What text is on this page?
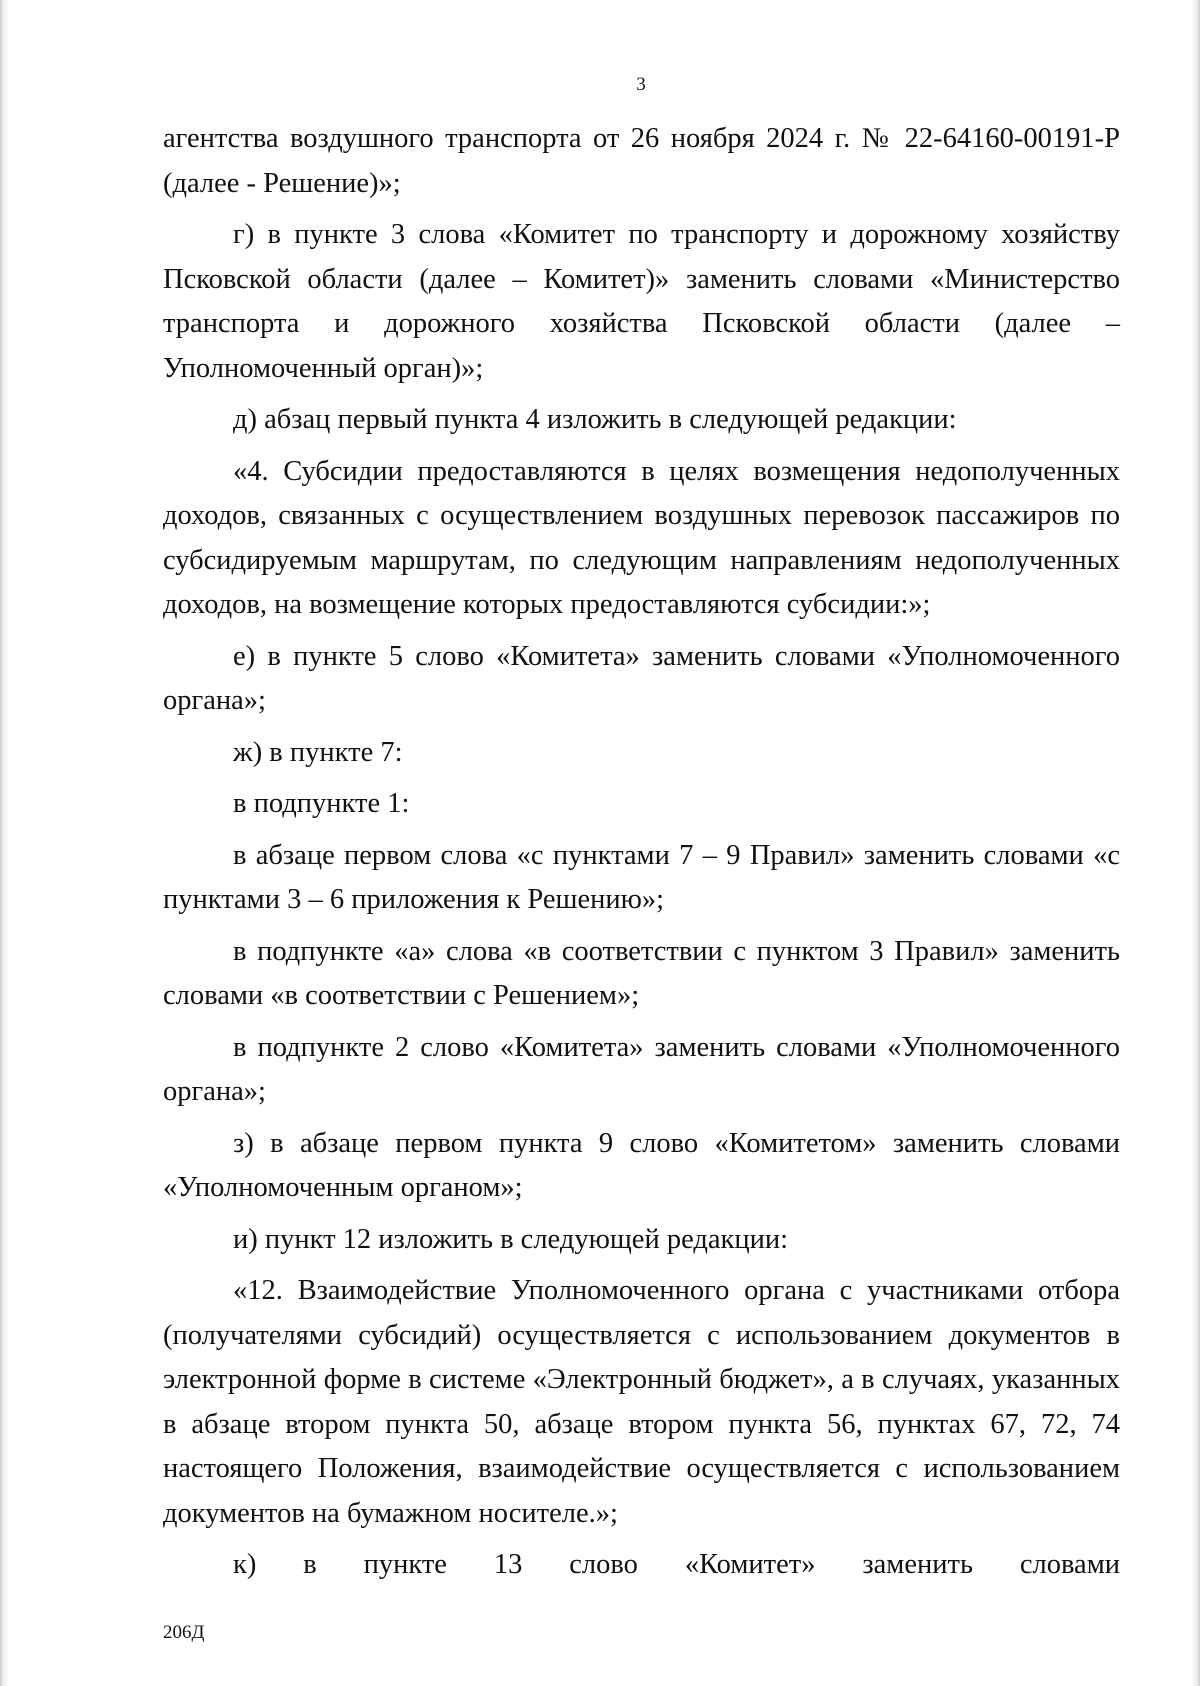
3

агентства воздушного транспорта от 26 ноября 2024 г. № 22-64160-00191-Р (далее - Решение)»;

г) в пункте 3 слова «Комитет по транспорту и дорожному хозяйству Псковской области (далее – Комитет)» заменить словами «Министерство транспорта и дорожного хозяйства Псковской области (далее – Уполномоченный орган)»;

д) абзац первый пункта 4 изложить в следующей редакции:

«4. Субсидии предоставляются в целях возмещения недополученных доходов, связанных с осуществлением воздушных перевозок пассажиров по субсидируемым маршрутам, по следующим направлениям недополученных доходов, на возмещение которых предоставляются субсидии:»;

е) в пункте 5 слово «Комитета» заменить словами «Уполномоченного органа»;

ж) в пункте 7:

в подпункте 1:

в абзаце первом слова «с пунктами 7 – 9 Правил» заменить словами «с пунктами 3 – 6 приложения к Решению»;

в подпункте «а» слова «в соответствии с пунктом 3 Правил» заменить словами «в соответствии с Решением»;

в подпункте 2 слово «Комитета» заменить словами «Уполномоченного органа»;

з) в абзаце первом пункта 9 слово «Комитетом» заменить словами «Уполномоченным органом»;

и) пункт 12 изложить в следующей редакции:

«12. Взаимодействие Уполномоченного органа с участниками отбора (получателями субсидий) осуществляется с использованием документов в электронной форме в системе «Электронный бюджет», а в случаях, указанных в абзаце втором пункта 50, абзаце втором пункта 56, пунктах 67, 72, 74 настоящего Положения, взаимодействие осуществляется с использованием документов на бумажном носителе.»;

к) в пункте 13 слово «Комитет» заменить словами

206Д
